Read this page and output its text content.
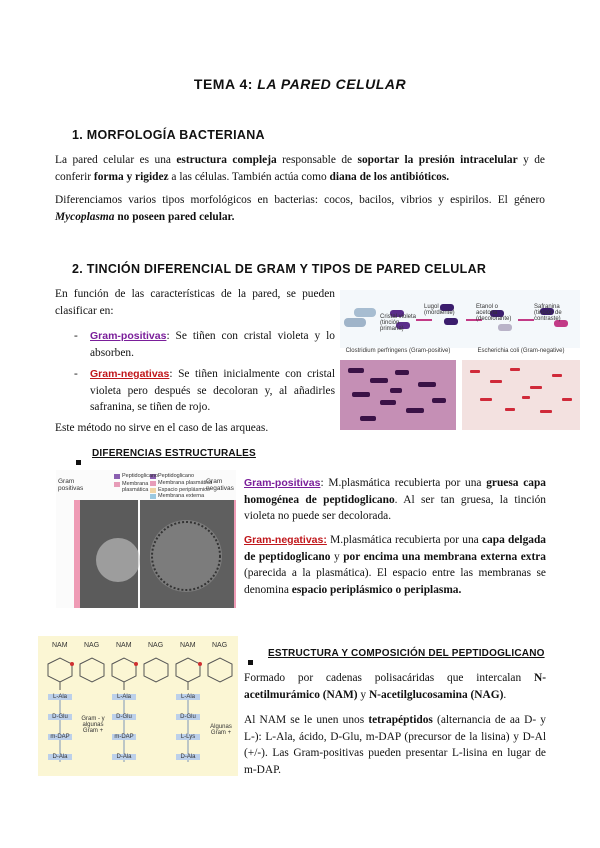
TEMA 4: LA PARED CELULAR
1. MORFOLOGÍA BACTERIANA
La pared celular es una estructura compleja responsable de soportar la presión intracelular y de conferir forma y rigidez a las células. También actúa como diana de los antibióticos.
Diferenciamos varios tipos morfológicos en bacterias: cocos, bacilos, vibrios y espirilos. El género Mycoplasma no poseen pared celular.
2. TINCIÓN DIFERENCIAL DE GRAM Y TIPOS DE PARED CELULAR
En función de las características de la pared, se pueden clasificar en:
- Gram-positivas: Se tiñen con cristal violeta y lo absorben.
- Gram-negativas: Se tiñen inicialmente con cristal violeta pero después se decoloran y, al añadirles safranina, se tiñen de rojo.
Este método no sirve en el caso de las arqueas.
Cristal violeta (tinción primaria)
Lugol (mordiente)
Etanol o acetona (decolorante)
Safranina (tinción de contraste)
Clostridium perfringens (Gram-positive)	Escherichia coli (Gram-negative)
DIFERENCIAS ESTRUCTURALES
Gram positivas
Gram negativas
Peptidoglicano
Membrana plasmática
Peptidoglicano
Membrana plasmática
Espacio periplásmico
Membrana externa
Gram-positivas: M.plasmática recubierta por una gruesa capa homogénea de peptidoglicano. Al ser tan gruesa, la tinción violeta no puede ser decolorada.
Gram-negativas: M.plasmática recubierta por una capa delgada de peptidoglicano y por encima una membrana externa extra (parecida a la plasmática). El espacio entre las membranas se denomina espacio periplásmico o periplasma.
ESTRUCTURA Y COMPOSICIÓN DEL PEPTIDOGLICANO
Formado por cadenas polisacáridas que intercalan N-acetilmurámico (NAM) y N-acetilglucosamina (NAG).
Al NAM se le unen unos tetrapéptidos (alternancia de aa D- y L-): L-Ala, ácido, D-Glu, m-DAP (precursor de la lisina) y D-Al (+/-). Las Gram-positivas pueden presentar L-lisina en lugar de m-DAP.
NAM NAG NAM NAG NAM NAG
L-Ala
D-Glu
m-DAP
D-Ala
L-Ala
D-Glu
m-DAP
D-Ala
L-Ala
D-Glu
L-Lys
D-Ala
Gram - y algunas Gram +
Algunas Gram +
